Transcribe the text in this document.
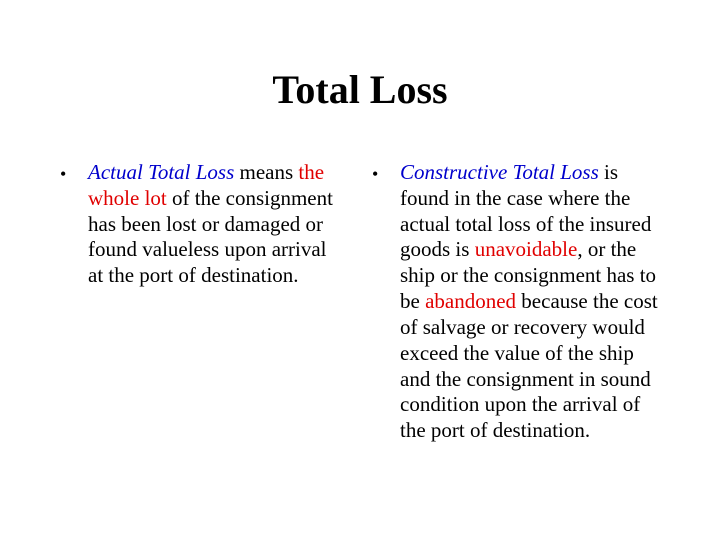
Total Loss
•	Actual Total Loss means the whole lot of the consignment has been lost or damaged or found valueless upon arrival at the port of destination.
•	Constructive Total Loss is found in the case where the actual total loss of the insured goods is unavoidable, or the ship or the consignment has to be abandoned because the cost of salvage or recovery would exceed the value of the ship and the consignment in sound condition upon the arrival of the port of destination.
